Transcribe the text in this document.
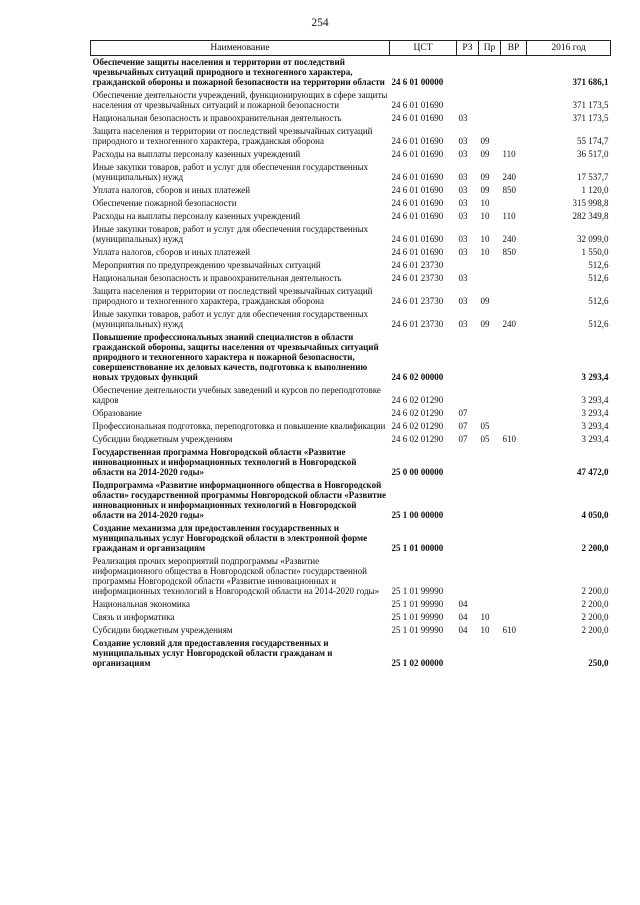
254
Наименование	ЦСТ	РЗ	Пр	ВР	2016 год
Обеспечение защиты населения и территории от последствий чрезвычайных ситуаций природного и техногенного характера, гражданской обороны и пожарной безопасности на территории области	24 6 01 00000				371 686,1
Обеспечение деятельности учреждений, функционирующих в сфере защиты населения от чрезвычайных ситуаций и пожарной безопасности	24 6 01 01690				371 173,5
Национальная безопасность и правоохранительная деятельность	24 6 01 01690	03			371 173,5
Защита населения и территории от последствий чрезвычайных ситуаций природного и техногенного характера, гражданская оборона	24 6 01 01690	03	09		55 174,7
Расходы на выплаты персоналу казенных учреждений	24 6 01 01690	03	09	110	36 517,0
Иные закупки товаров, работ и услуг для обеспечения государственных (муниципальных) нужд	24 6 01 01690	03	09	240	17 537,7
Уплата налогов, сборов и иных платежей	24 6 01 01690	03	09	850	1 120,0
Обеспечение пожарной безопасности	24 6 01 01690	03	10		315 998,8
Расходы на выплаты персоналу казенных учреждений	24 6 01 01690	03	10	110	282 349,8
Иные закупки товаров, работ и услуг для обеспечения государственных (муниципальных) нужд	24 6 01 01690	03	10	240	32 099,0
Уплата налогов, сборов и иных платежей	24 6 01 01690	03	10	850	1 550,0
Мероприятия по предупреждению чрезвычайных ситуаций	24 6 01 23730				512,6
Национальная безопасность и правоохранительная деятельность	24 6 01 23730	03			512,6
Защита населения и территории от последствий чрезвычайных ситуаций природного и техногенного характера, гражданская оборона	24 6 01 23730	03	09		512,6
Иные закупки товаров, работ и услуг для обеспечения государственных (муниципальных) нужд	24 6 01 23730	03	09	240	512,6
Повышение профессиональных знаний специалистов в области гражданской обороны, защиты населения от чрезвычайных ситуаций природного и техногенного характера и пожарной безопасности, совершенствование их деловых качеств, подготовка к выполнению новых трудовых функций	24 6 02 00000				3 293,4
Обеспечение деятельности учебных заведений и курсов по переподготовке кадров	24 6 02 01290				3 293,4
Образование	24 6 02 01290	07			3 293,4
Профессиональная подготовка, переподготовка и повышение квалификации	24 6 02 01290	07	05		3 293,4
Субсидии бюджетным учреждениям	24 6 02 01290	07	05	610	3 293,4
Государственная программа Новгородской области «Развитие инновационных и информационных технологий в Новгородской области на 2014-2020 годы»	25 0 00 00000				47 472,0
Подпрограмма «Развитие информационного общества в Новгородской области» государственной программы Новгородской области «Развитие инновационных и информационных технологий в Новгородской области на 2014-2020 годы»	25 1 00 00000				4 050,0
Создание механизма для предоставления государственных и муниципальных услуг Новгородской области в электронной форме гражданам и организациям	25 1 01 00000				2 200,0
Реализация прочих мероприятий подпрограммы «Развитие информационного общества в Новгородской области» государственной программы Новгородской области «Развитие инновационных и информационных технологий в Новгородской области на 2014-2020 годы»	25 1 01 99990				2 200,0
Национальная экономика	25 1 01 99990	04			2 200,0
Связь и информатика	25 1 01 99990	04	10		2 200,0
Субсидии бюджетным учреждениям	25 1 01 99990	04	10	610	2 200,0
Создание условий для предоставления государственных и муниципальных услуг Новгородской области гражданам и организациям	25 1 02 00000				250,0
